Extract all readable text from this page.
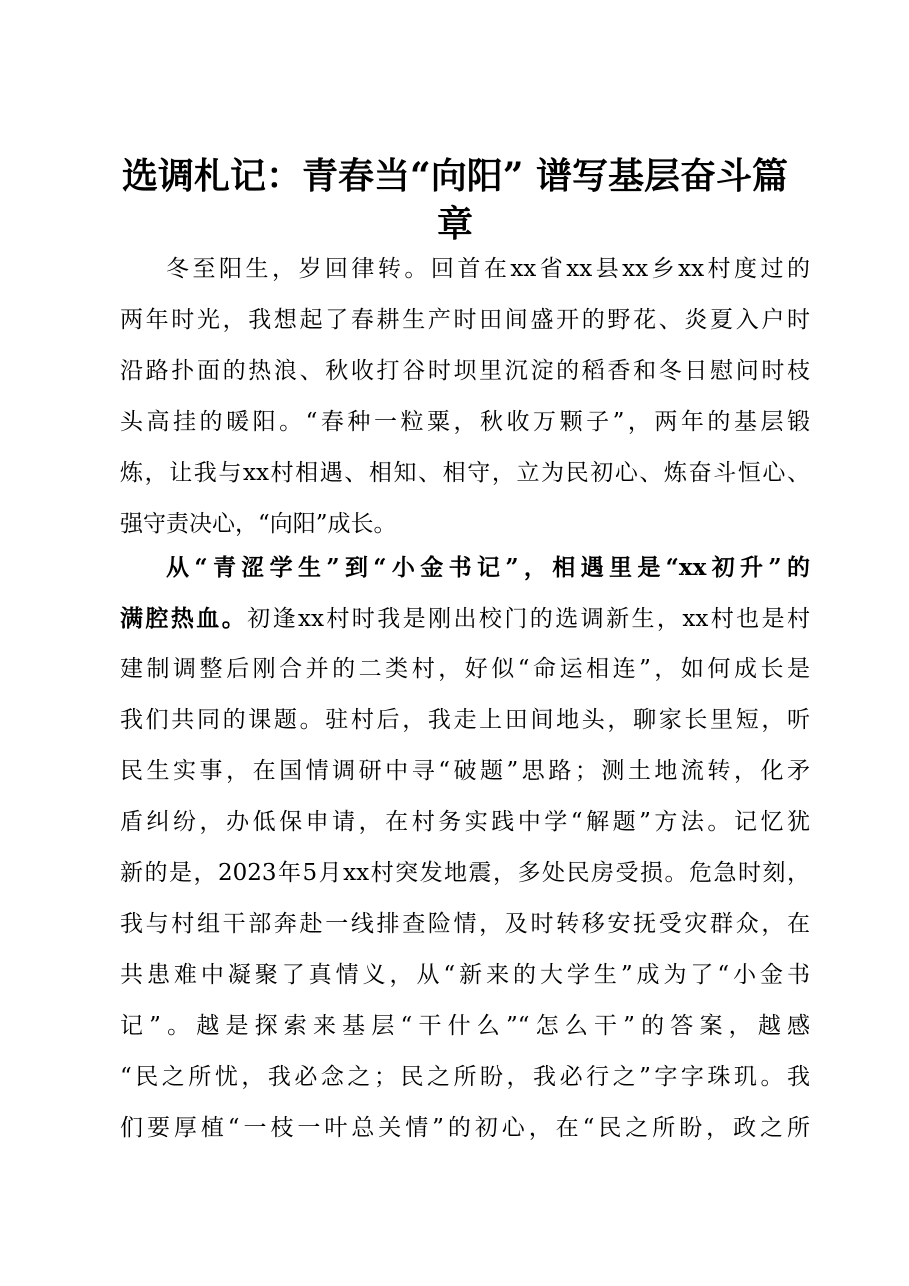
选调札记：青春当“向阳” 谱写基层奋斗篇章
冬至阳生，岁回律转。回首在xx省xx县xx乡xx村度过的
两年时光，我想起了春耕生产时田间盛开的野花、炎夏入户时
沿路扑面的热浪、秋收打谷时坝里沉淀的稻香和冬日慰问时枝
头高挂的暖阳。“春种一粒粟，秋收万颗子”，两年的基层锻
炼，让我与xx村相遇、相知、相守，立为民初心、炼奋斗恒心、
强守责决心，“向阳”成长。
从“青涩学生”到“小金书记”，相遇里是“xx初升”的
满腔热血。初逢xx村时我是刚出校门的选调新生，xx村也是村
建制调整后刚合并的二类村，好似“命运相连”，如何成长是
我们共同的课题。驻村后，我走上田间地头，聊家长里短，听
民生实事，在国情调研中寻“破题”思路；测土地流转，化矛
盾纠纷，办低保申请，在村务实践中学“解题”方法。记忆犹
新的是，2023年5月xx村突发地震，多处民房受损。危急时刻，
我与村组干部奔赴一线排查险情，及时转移安抚受灾群众，在
共患难中凝聚了真情义，从“新来的大学生”成为了“小金书
记”。越是探索来基层“干什么”“怎么干”的答案，越感
“民之所忧，我必念之；民之所盼，我必行之”字字珠玑。我
们要厚植“一枝一叶总关情”的初心，在“民之所盼，政之所
